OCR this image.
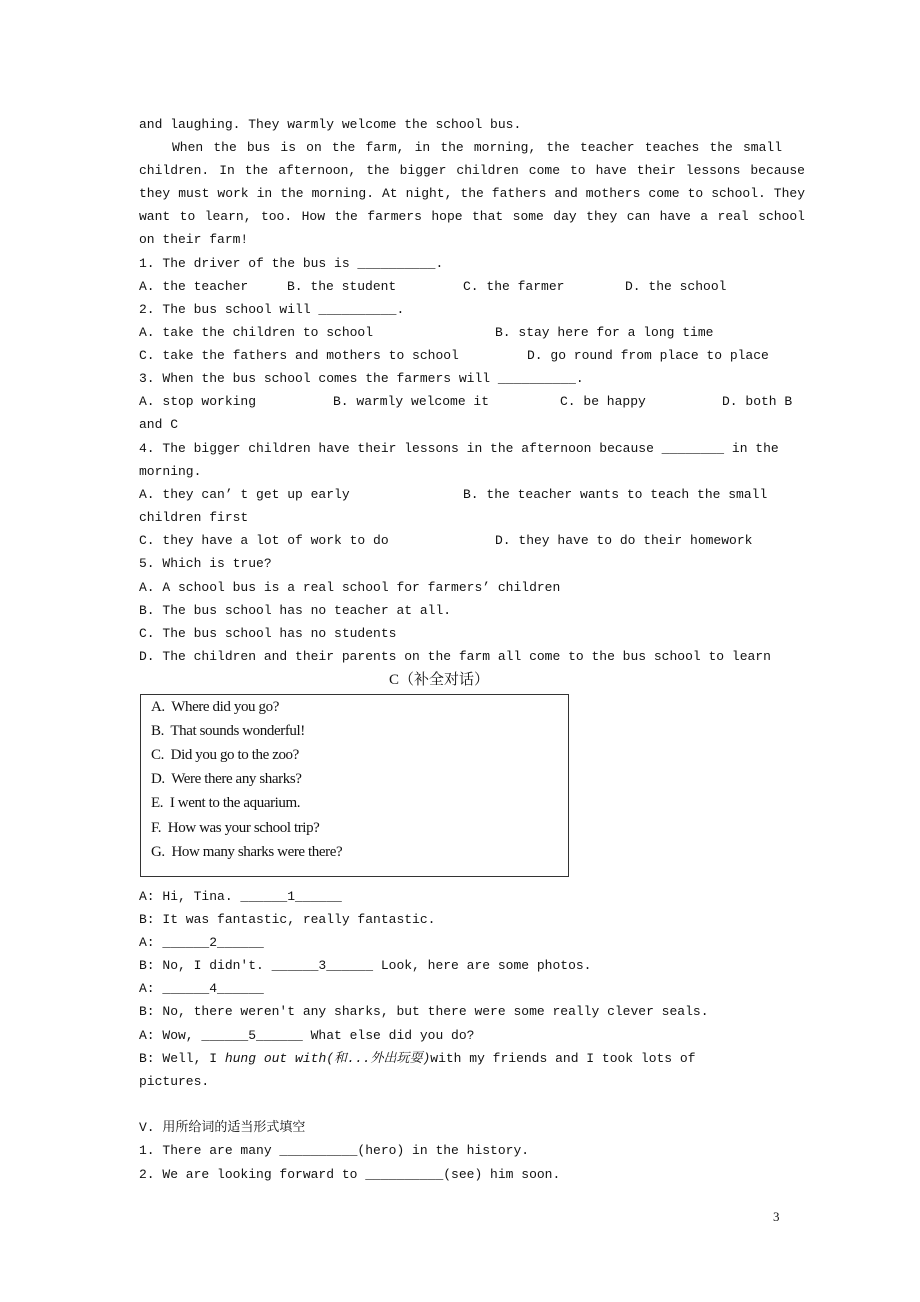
and laughing. They warmly welcome the school bus.
When the bus is on the farm, in the morning, the teacher teaches the small
children. In the afternoon, the bigger children come to have their lessons because
they must work in the morning. At night, the fathers and mothers come to school. They
want to learn, too. How the farmers hope that some day they can have a real school
on their farm!
1. The driver of the bus is __________.
A. the teacher	B. the student	C. the farmer	D. the school
2. The bus school will __________.
A. take the children to school	B. stay here for a long time
C. take the fathers and mothers to school	D. go round from place to place
3. When the bus school comes the farmers will __________.
A. stop working	B. warmly welcome it	C. be happy	D. both B
and C
4. The bigger children have their lessons in the afternoon because ________ in the
morning.
A. they can’ t get up early	B. the teacher wants to teach the small
children first
C. they have a lot of work to do	D. they have to do their homework
5. Which is true?
A. A school bus is a real school for farmers’ children
B. The bus school has no teacher at all.
C. The bus school has no students
D. The children and their parents on the farm all come to the bus school to learn
C（补全对话）
A.  Where did you go?
B.  That sounds wonderful!
C.  Did you go to the zoo?
D.  Were there any sharks?
E.  I went to the aquarium.
F.  How was your school trip?
G.  How many sharks were there?
A: Hi, Tina. ______1______
B: It was fantastic, really fantastic.
A: ______2______
B: No, I didn't. ______3______ Look, here are some photos.
A: ______4______
B: No, there weren't any sharks, but there were some really clever seals.
A: Wow, ______5______ What else did you do?
B: Well, I hung out with(和...外出玩耍)with my friends and I took lots of
pictures.
V. 用所给词的适当形式填空
1. There are many __________(hero) in the history.
2. We are looking forward to __________(see) him soon.
3
